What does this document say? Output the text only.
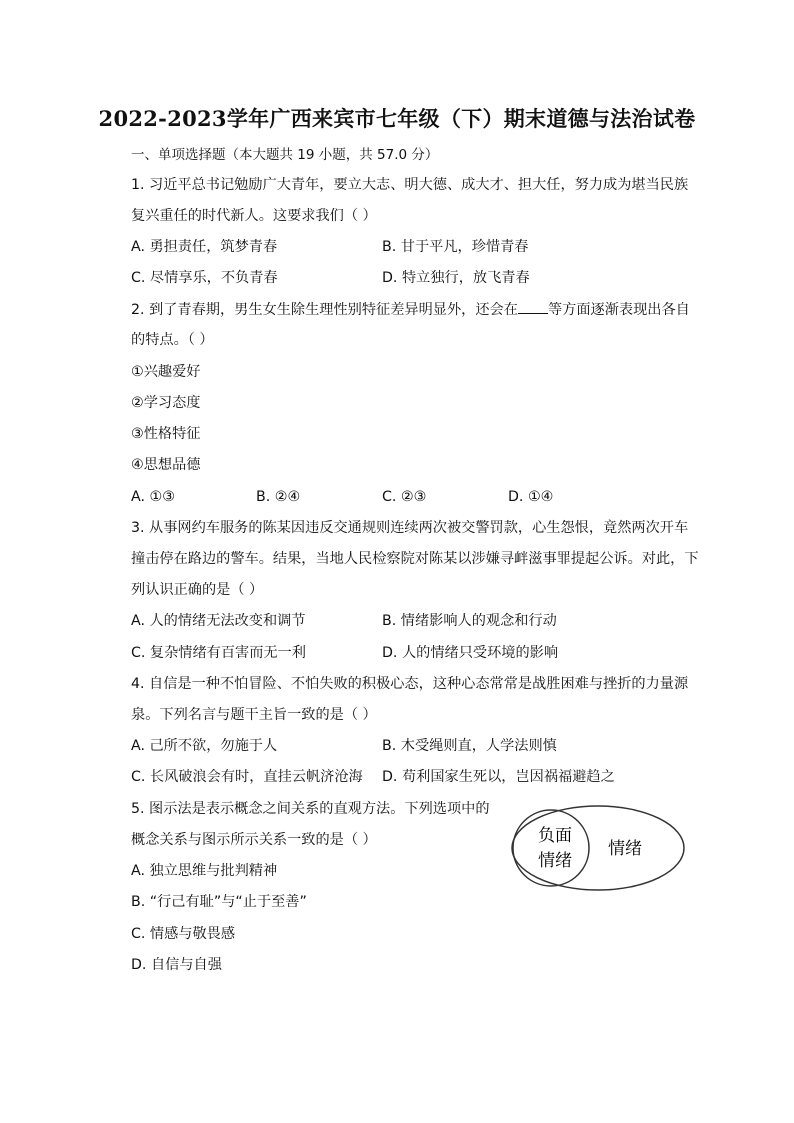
2022-2023学年广西来宾市七年级（下）期末道德与法治试卷
一、单项选择题（本大题共 19 小题，共 57.0 分）
1. 习近平总书记勉励广大青年，要立大志、明大德、成大才、担大任，努力成为堪当民族
复兴重任的时代新人。这要求我们（ ）
A. 勇担责任，筑梦青春	B. 甘于平凡，珍惜青春
C. 尽情享乐，不负青春	D. 特立独行，放飞青春
2. 到了青春期，男生女生除生理性别特征差异明显外，还会在 等方面逐渐表现出各自
的特点。（ ）
①兴趣爱好
②学习态度
③性格特征
④思想品德
A. ①③	B. ②④	C. ②③	D. ①④
3. 从事网约车服务的陈某因违反交通规则连续两次被交警罚款，心生怨恨，竟然两次开车
撞击停在路边的警车。结果，当地人民检察院对陈某以涉嫌寻衅滋事罪提起公诉。对此，下
列认识正确的是（ ）
A. 人的情绪无法改变和调节	B. 情绪影响人的观念和行动
C. 复杂情绪有百害而无一利	D. 人的情绪只受环境的影响
4. 自信是一种不怕冒险、不怕失败的积极心态，这种心态常常是战胜困难与挫折的力量源
泉。下列名言与题干主旨一致的是（ ）
A. 己所不欲，勿施于人	B. 木受绳则直，人学法则慎
C. 长风破浪会有时，直挂云帆济沧海 D. 苟利国家生死以，岂因祸福避趋之
5. 图示法是表示概念之间关系的直观方法。下列选项中的
概念关系与图示所示关系一致的是（ ）
A. 独立思维与批判精神
B. “行己有耻”与“止于至善”
C. 情感与敬畏感
D. 自信与自强
负面
情绪
情绪
